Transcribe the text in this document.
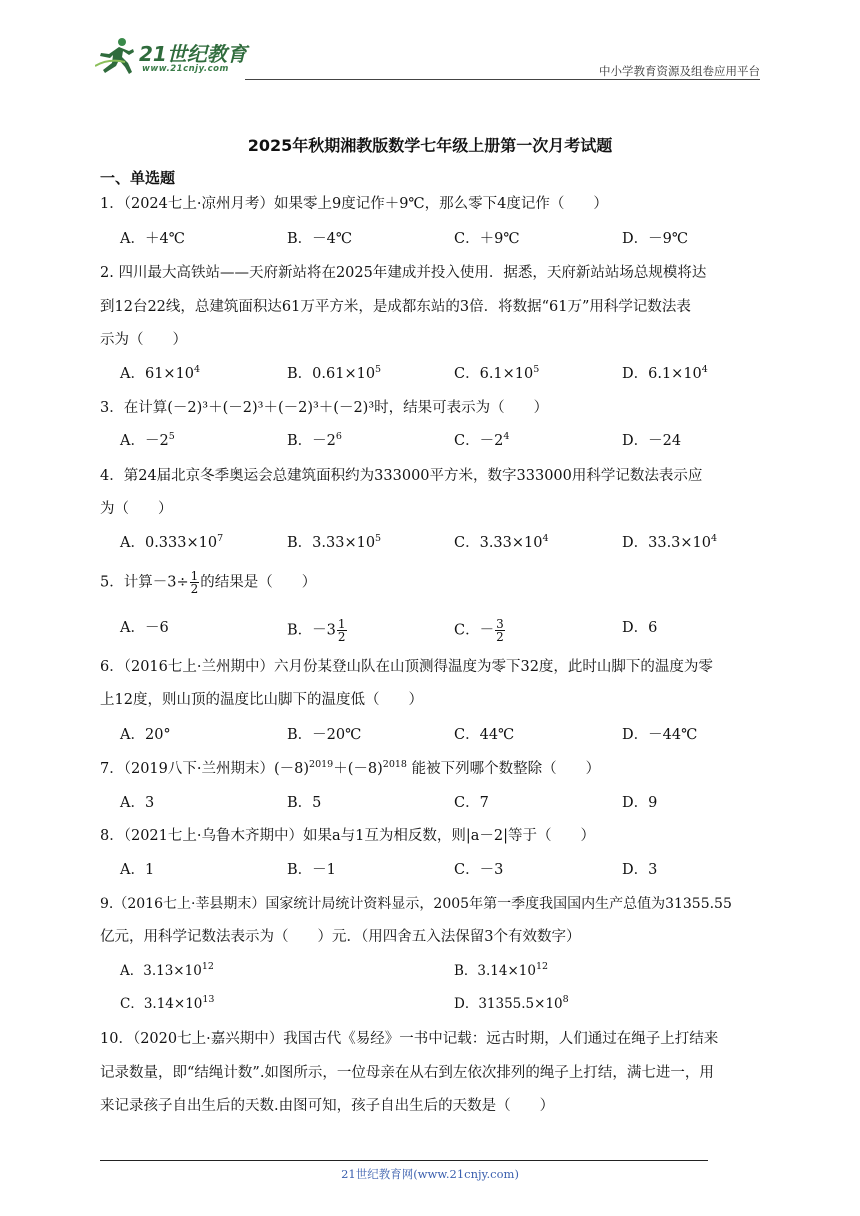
21世纪教育
www.21cnjy.com	中小学教育资源及组卷应用平台
2025年秋期湘教版数学七年级上册第一次月考试题
一、单选题
1．（2024七上·凉州月考）如果零上9度记作＋9℃，那么零下4度记作（　　）
A．＋4℃	B．－4℃	C．＋9℃	D．－9℃
2. 四川最大高铁站——天府新站将在2025年建成并投入使用．据悉，天府新站站场总规模将达
到12台22线，总建筑面积达61万平方米，是成都东站的3倍．将数据“61万”用科学记数法表
示为（　　）
A．$61\times 10^4$	B．$0.61\times 10^5$	C．$6.1\times 10^5$	D．$6.1\times 10^4$
3．在计算(－2)³＋(－2)³＋(－2)³＋(－2)³时，结果可表示为（　　）
A．$-2^5$	B．$-2^6$	C．$-2^4$	D．－24
4．第24届北京冬季奥运会总建筑面积约为333000平方米，数字333000用科学记数法表示应
为（　　）
A．$0.333\times 10^7$	B．$3.33\times 10^5$	C．$3.33\times 10^4$	D．$33.3\times 10^4$
5．计算$-3\div \frac{1}{2}$ 的结果是（　　）
A．－6	B．$-3 \frac{1}{2}$	C．－ $\frac{3}{2}$	D．6
6．（2016七上·兰州期中）六月份某登山队在山顶测得温度为零下32度，此时山脚下的温度为零
上12度，则山顶的温度比山脚下的温度低（　　）
A．20°	B．－20℃	C．44℃	D．－44℃
7．（2019八下·兰州期末）$(-8)^{2019}+(-8)^{2018}$ 能被下列哪个数整除（　　）
A．3	B．5	C．7	D．9
8．（2021七上·乌鲁木齐期中）如果a与1互为相反数，则|a－2|等于（　　）
A．1	B．－1	C．－3	D．3
9.（2016七上·莘县期末）国家统计局统计资料显示，2005年第一季度我国国内生产总值为31355.55
亿元，用科学记数法表示为（　　）元．（用四舍五入法保留3个有效数字）
A．$3.13\times 10^{12}$	B．$3.14\times 10^{12}$
C．$3.14\times 10^{13}$	D．$31355.5\times 10^8$
10．（2020七上·嘉兴期中）我国古代《易经》一书中记载：远古时期，人们通过在绳子上打结来
记录数量，即“结绳计数”.如图所示，一位母亲在从右到左依次排列的绳子上打结，满七进一，用
来记录孩子自出生后的天数.由图可知，孩子自出生后的天数是（　　）
21世纪教育网(www.21cnjy.com)
